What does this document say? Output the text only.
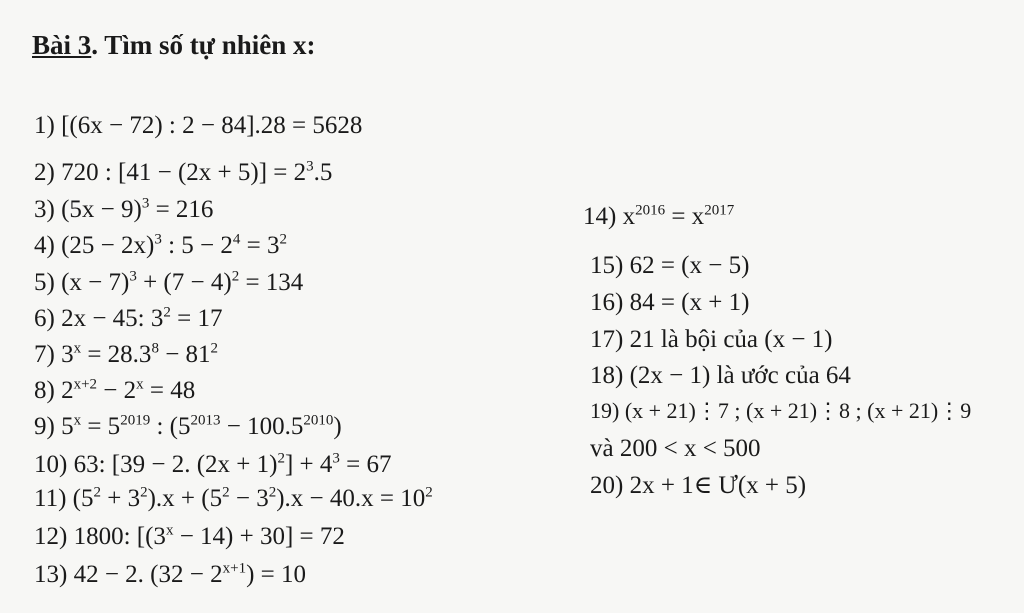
Bài 3. Tìm số tự nhiên x:
1) [(6x − 72) : 2 − 84].28 = 5628
2) 720 : $[41 - (2x + 5)] = 2^3.5$
3) $(5x - 9)^3 = 216$
4) $(25 - 2x)^3$ : $5 - 2^4 = 3^2$
5) $(x - 7)^3 + (7 - 4)^2 = 134$
6) 2x − 45: $3^2 = 17$
7) $3^x = 28.3^8 - 81^2$
8) $2^{x+2} - 2^x = 48$
9) $5^x = 5^{2019}$ : $(5^{2013} - 100.5^{2010})$
10) 63: [39 − 2. $(2x + 1)^2] + 4^3 = 67$
11) $(5^2 + 3^2).x + (5^2 - 3^2).x - 40.x = 10^2$
12) 1800: $[(3^x - 14) + 30] = 72$
13) 42 − 2. $(32 - 2^{x+1}) = 10$
14) $x^{2016} = x^{2017}$
15) 62 = (x − 5)
16) 84 = (x + 1)
17) 21 là bội của (x − 1)
18) (2x − 1) là ước của 64
19) (x + 21)⋮7 ; (x + 21)⋮8 ; (x + 21)⋮9
và 200 < x < 500
20) 2x + 1∈ Ư(x + 5)
